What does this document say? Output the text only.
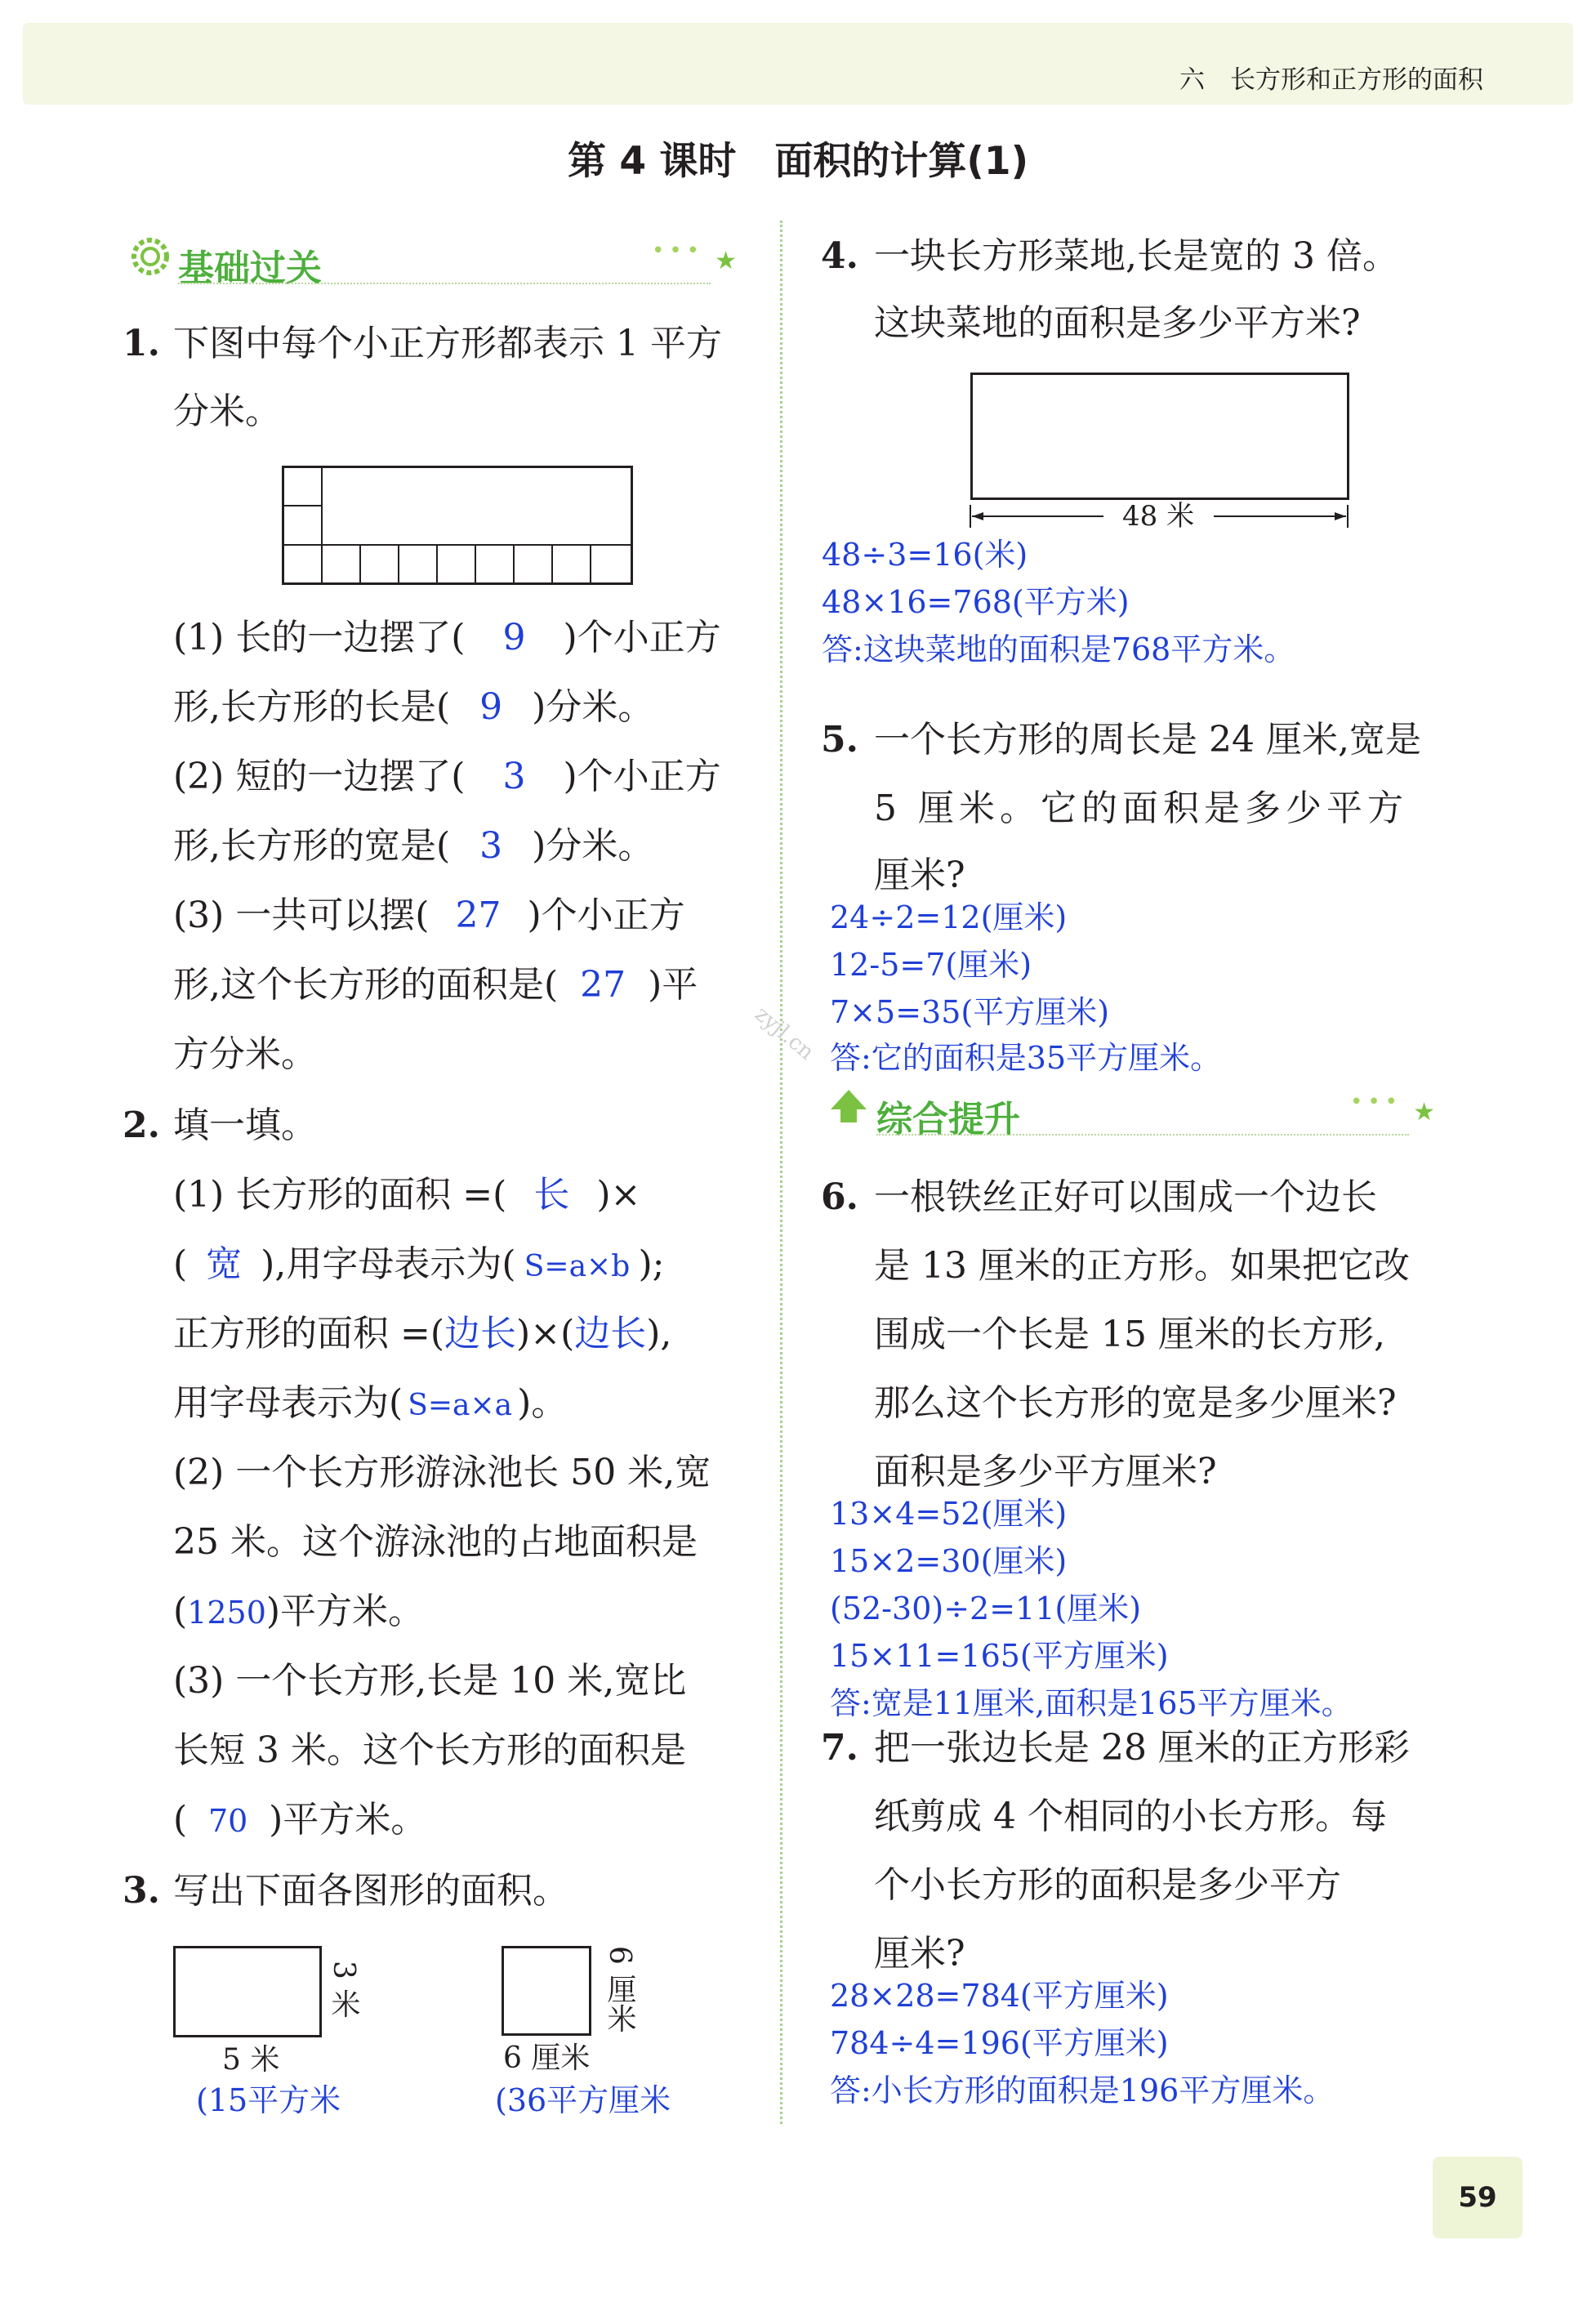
六　长方形和正方形的面积
第 4 课时　面积的计算(1)
基础过关	••• ★
1. 下图中每个小正方形都表示 1 平方
分米。
(1) 长的一边摆了( 9 )个小正方
形,长方形的长是( 9 )分米。
(2) 短的一边摆了( 3 )个小正方
形,长方形的宽是( 3 )分米。
(3) 一共可以摆( 27 )个小正方
形,这个长方形的面积是( 27 )平
方分米。
2. 填一填。
(1) 长方形的面积 =( 长 )×
( 宽 ),用字母表示为( S=a×b );
正方形的面积 =(边长)×(边长),
用字母表示为( S=a×a )。
(2) 一个长方形游泳池长 50 米,宽
25 米。这个游泳池的占地面积是
(1250)平方米。
(3) 一个长方形,长是 10 米,宽比
长短 3 米。这个长方形的面积是
( 70 )平方米。
3. 写出下面各图形的面积。
3 米
5 米
(15平方米
6 厘米
6 厘米
(36平方厘米
4. 一块长方形菜地,长是宽的 3 倍。
这块菜地的面积是多少平方米?
48 米
48÷3=16(米)
48×16=768(平方米)
答:这块菜地的面积是768平方米。
5. 一个长方形的周长是 24 厘米,宽是
5 厘米。它的面积是多少平方
厘米?
24÷2=12(厘米)
12-5=7(厘米)
7×5=35(平方厘米)
答:它的面积是35平方厘米。
综合提升	••• ★
6. 一根铁丝正好可以围成一个边长
是 13 厘米的正方形。如果把它改
围成一个长是 15 厘米的长方形,
那么这个长方形的宽是多少厘米?
面积是多少平方厘米?
13×4=52(厘米)
15×2=30(厘米)
(52-30)÷2=11(厘米)
15×11=165(平方厘米)
答:宽是11厘米,面积是165平方厘米。
7. 把一张边长是 28 厘米的正方形彩
纸剪成 4 个相同的小长方形。每
个小长方形的面积是多少平方
厘米?
28×28=784(平方厘米)
784÷4=196(平方厘米)
答:小长方形的面积是196平方厘米。
zyjl.cn
59
